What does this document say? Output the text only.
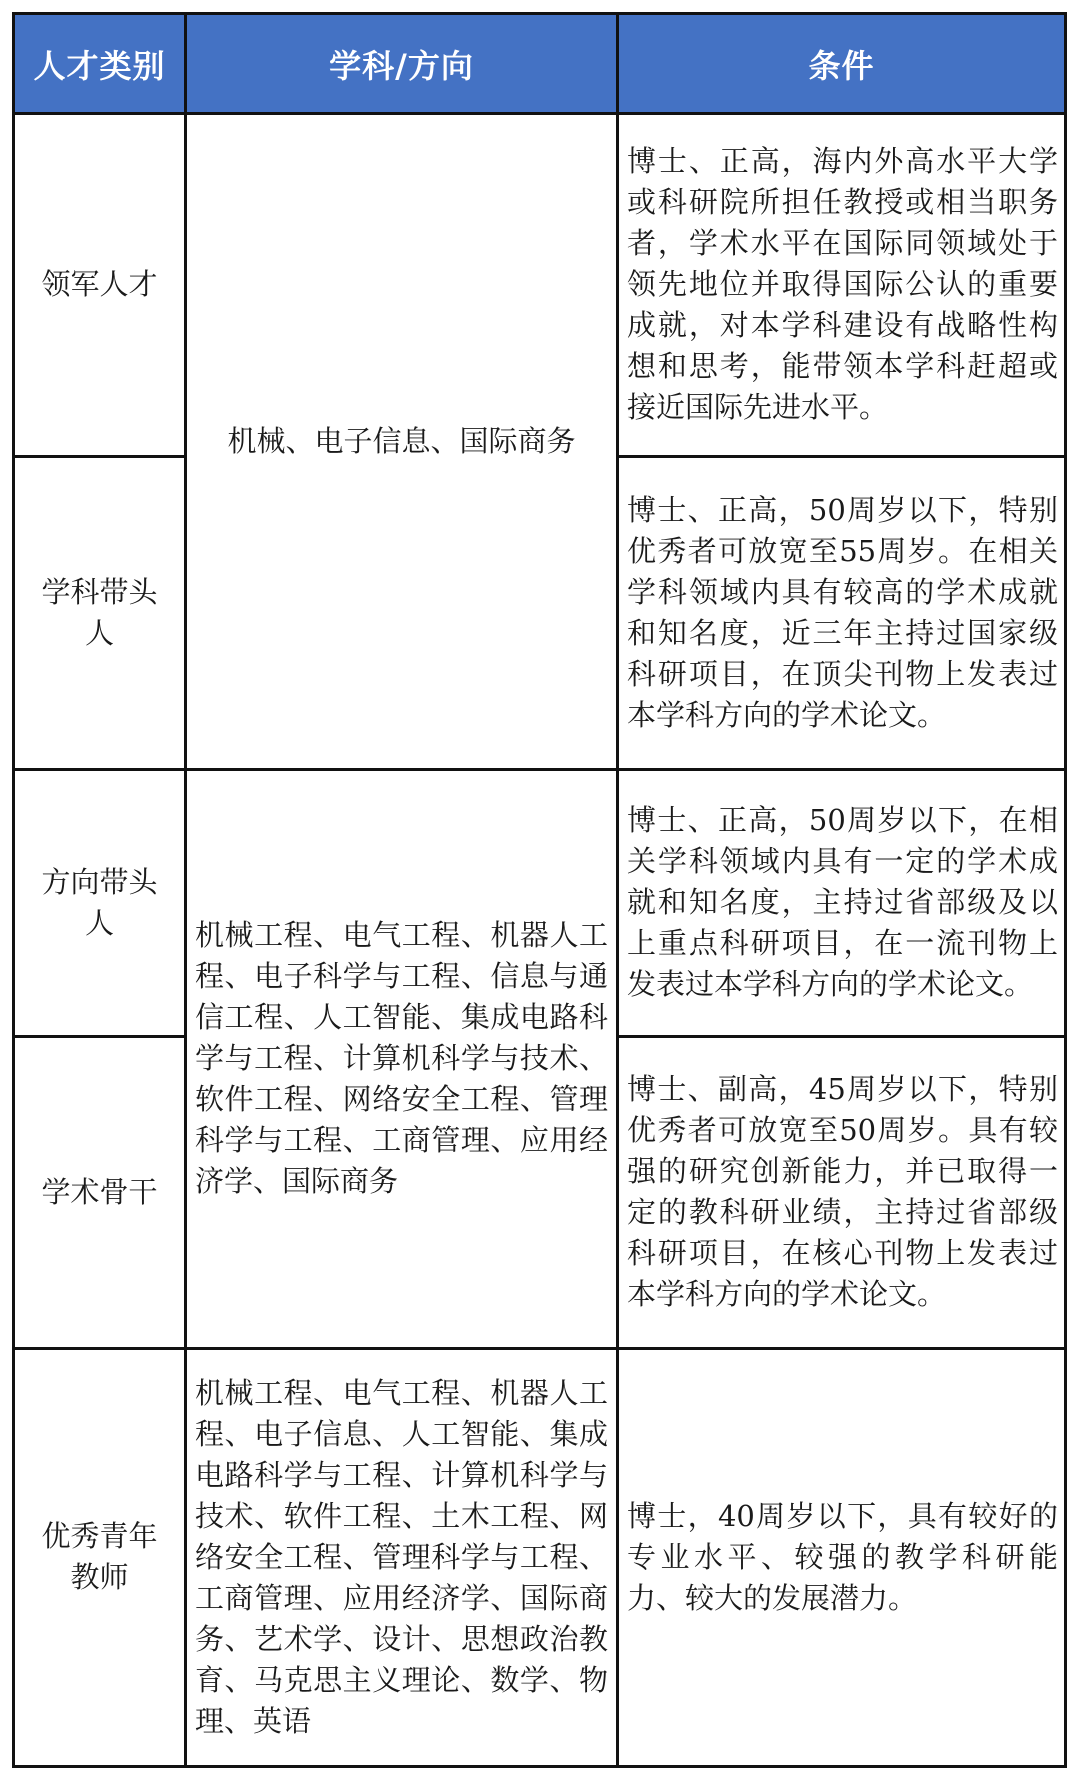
人才类别	学科/方向	条件
领军人才	机械、电子信息、国际商务	博士、正高，海内外高水平大学或科研院所担任教授或相当职务者，学术水平在国际同领域处于领先地位并取得国际公认的重要成就，对本学科建设有战略性构想和思考，能带领本学科赶超或接近国际先进水平。
学科带头人		博士、正高，50周岁以下，特别优秀者可放宽至55周岁。在相关学科领域内具有较高的学术成就和知名度，近三年主持过国家级科研项目，在顶尖刊物上发表过本学科方向的学术论文。
方向带头人	机械工程、电气工程、机器人工程、电子科学与工程、信息与通信工程、人工智能、集成电路科学与工程、计算机科学与技术、软件工程、网络安全工程、管理科学与工程、工商管理、应用经济学、国际商务	博士、正高，50周岁以下，在相关学科领域内具有一定的学术成就和知名度，主持过省部级及以上重点科研项目，在一流刊物上发表过本学科方向的学术论文。
学术骨干		博士、副高，45周岁以下，特别优秀者可放宽至50周岁。具有较强的研究创新能力，并已取得一定的教科研业绩，主持过省部级科研项目，在核心刊物上发表过本学科方向的学术论文。
优秀青年教师	机械工程、电气工程、机器人工程、电子信息、人工智能、集成电路科学与工程、计算机科学与技术、软件工程、土木工程、网络安全工程、管理科学与工程、工商管理、应用经济学、国际商务、艺术学、设计、思想政治教育、马克思主义理论、数学、物理、英语	博士，40周岁以下，具有较好的专业水平、较强的教学科研能力、较大的发展潜力。
